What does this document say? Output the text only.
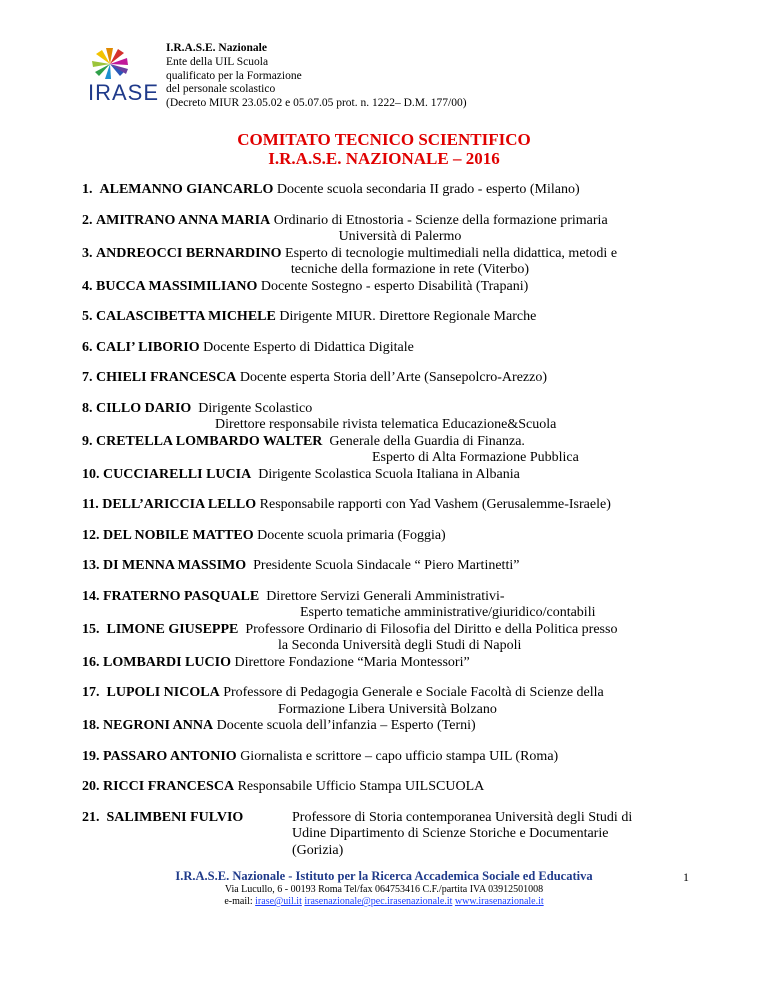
IRASE
I.R.A.S.E. Nazionale
Ente della UIL Scuola
qualificato per la Formazione
del personale scolastico
(Decreto MIUR 23.05.02 e 05.07.05 prot. n. 1222– D.M. 177/00)
COMITATO TECNICO SCIENTIFICO
I.R.A.S.E. NAZIONALE – 2016
1. ALEMANNO GIANCARLO Docente scuola secondaria II grado - esperto (Milano)
2. AMITRANO ANNA MARIA Ordinario di Etnostoria - Scienze della formazione primaria
Università di Palermo
3. ANDREOCCI BERNARDINO Esperto di tecnologie multimediali nella didattica, metodi e
tecniche della formazione in rete (Viterbo)
4. BUCCA MASSIMILIANO Docente Sostegno - esperto Disabilità (Trapani)
5. CALASCIBETTA MICHELE Dirigente MIUR. Direttore Regionale Marche
6. CALI’ LIBORIO Docente Esperto di Didattica Digitale
7. CHIELI FRANCESCA Docente esperta Storia dell’Arte (Sansepolcro-Arezzo)
8. CILLO DARIO Dirigente Scolastico
Direttore responsabile rivista telematica Educazione&Scuola
9. CRETELLA LOMBARDO WALTER Generale della Guardia di Finanza.
Esperto di Alta Formazione Pubblica
10. CUCCIARELLI LUCIA Dirigente Scolastica Scuola Italiana in Albania
11. DELL’ARICCIA LELLO Responsabile rapporti con Yad Vashem (Gerusalemme-Israele)
12. DEL NOBILE MATTEO Docente scuola primaria (Foggia)
13. DI MENNA MASSIMO Presidente Scuola Sindacale “ Piero Martinetti”
14. FRATERNO PASQUALE Direttore Servizi Generali Amministrativi-
Esperto tematiche amministrative/giuridico/contabili
15. LIMONE GIUSEPPE Professore Ordinario di Filosofia del Diritto e della Politica presso
la Seconda Università degli Studi di Napoli
16. LOMBARDI LUCIO Direttore Fondazione “Maria Montessori”
17. LUPOLI NICOLA Professore di Pedagogia Generale e Sociale Facoltà di Scienze della
Formazione Libera Università Bolzano
18. NEGRONI ANNA Docente scuola dell’infanzia – Esperto (Terni)
19. PASSARO ANTONIO Giornalista e scrittore – capo ufficio stampa UIL (Roma)
20. RICCI FRANCESCA Responsabile Ufficio Stampa UILSCUOLA
21. SALIMBENI FULVIO	Professore di Storia contemporanea Università degli Studi di
Udine Dipartimento di Scienze Storiche e Documentarie
(Gorizia)
I.R.A.S.E. Nazionale - Istituto per la Ricerca Accademica Sociale ed Educativa
Via Lucullo, 6 - 00193 Roma Tel/fax 064753416 C.F./partita IVA 03912501008
e-mail: irase@uil.it irasenazionale@pec.irasenazionale.it www.irasenazionale.it
1
